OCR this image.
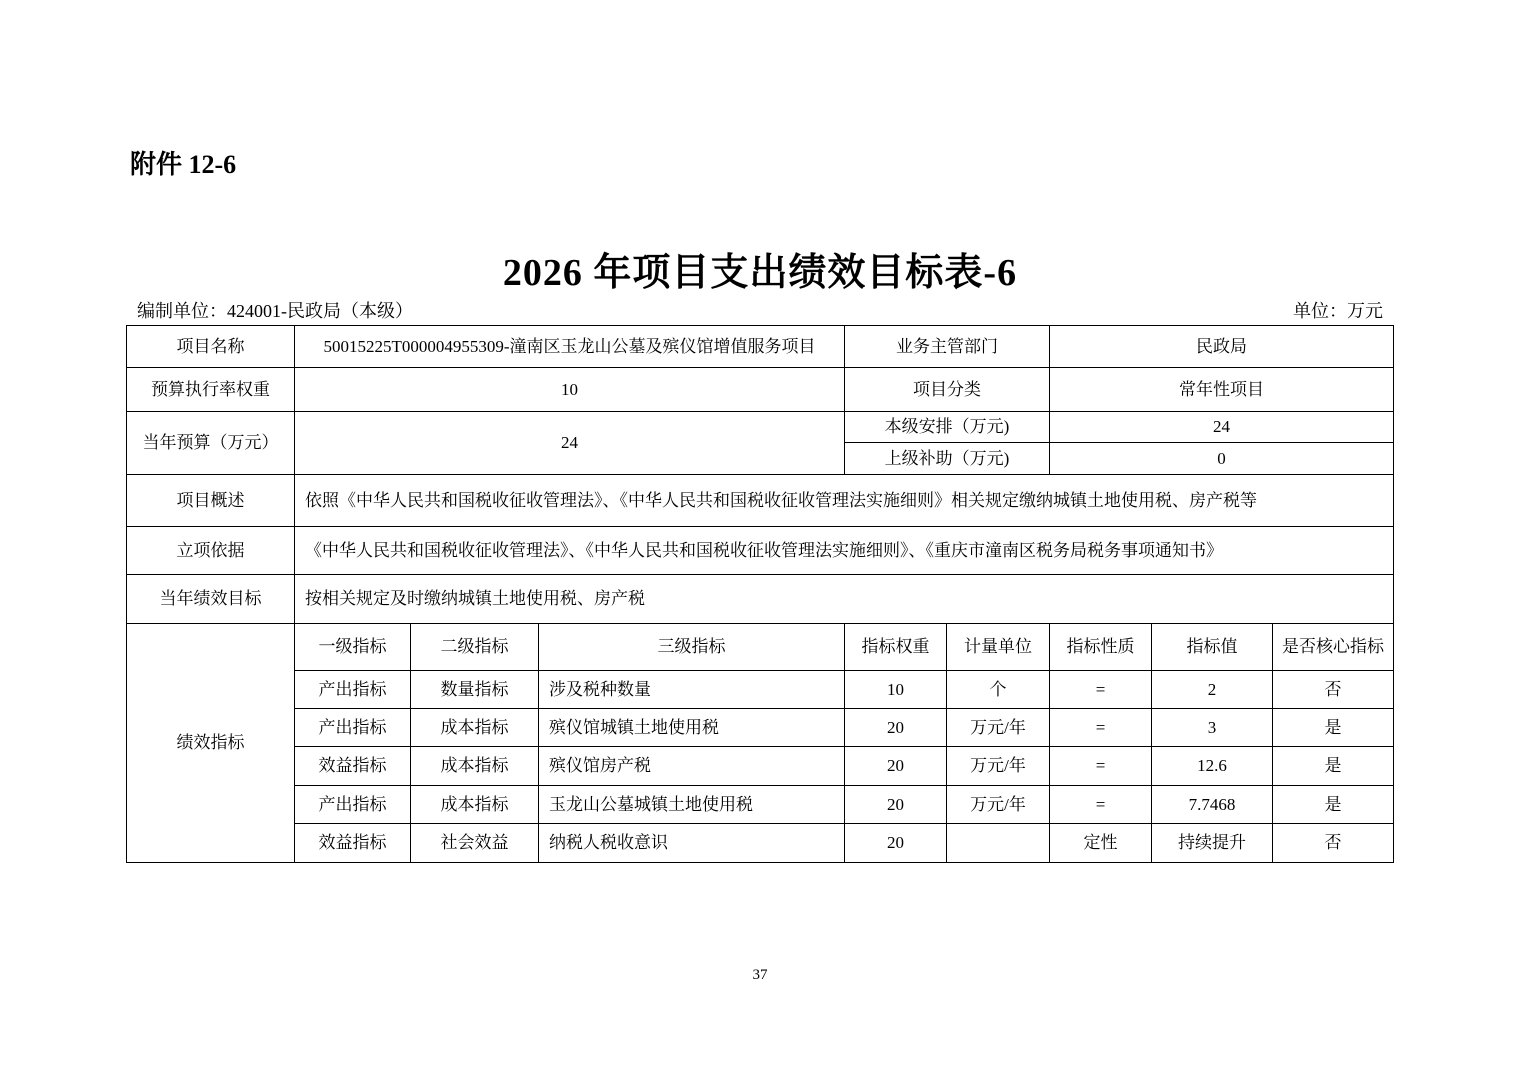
附件 12-6
2026 年项目支出绩效目标表-6
编制单位：424001-民政局（本级）	单位：万元
项目名称	50015225T000004955309-潼南区玉龙山公墓及殡仪馆增值服务项目			业务主管部门		民政局		
预算执行率权重	10			项目分类		常年性项目		
当年预算（万元）	24			本级安排（万元)		24		
				上级补助（万元)		0		
项目概述	依照《中华人民共和国税收征收管理法》、《中华人民共和国税收征收管理法实施细则》相关规定缴纳城镇土地使用税、房产税等							
立项依据	《中华人民共和国税收征收管理法》、《中华人民共和国税收征收管理法实施细则》、《重庆市潼南区税务局税务事项通知书》							
当年绩效目标	按相关规定及时缴纳城镇土地使用税、房产税							
绩效指标	一级指标	二级指标	三级指标	指标权重	计量单位	指标性质	指标值	是否核心指标
	产出指标	数量指标	涉及税种数量	10	个	=	2	否
	产出指标	成本指标	殡仪馆城镇土地使用税	20	万元/年	=	3	是
	效益指标	成本指标	殡仪馆房产税	20	万元/年	=	12.6	是
	产出指标	成本指标	玉龙山公墓城镇土地使用税	20	万元/年	=	7.7468	是
	效益指标	社会效益	纳税人税收意识	20		定性	持续提升	否
37
